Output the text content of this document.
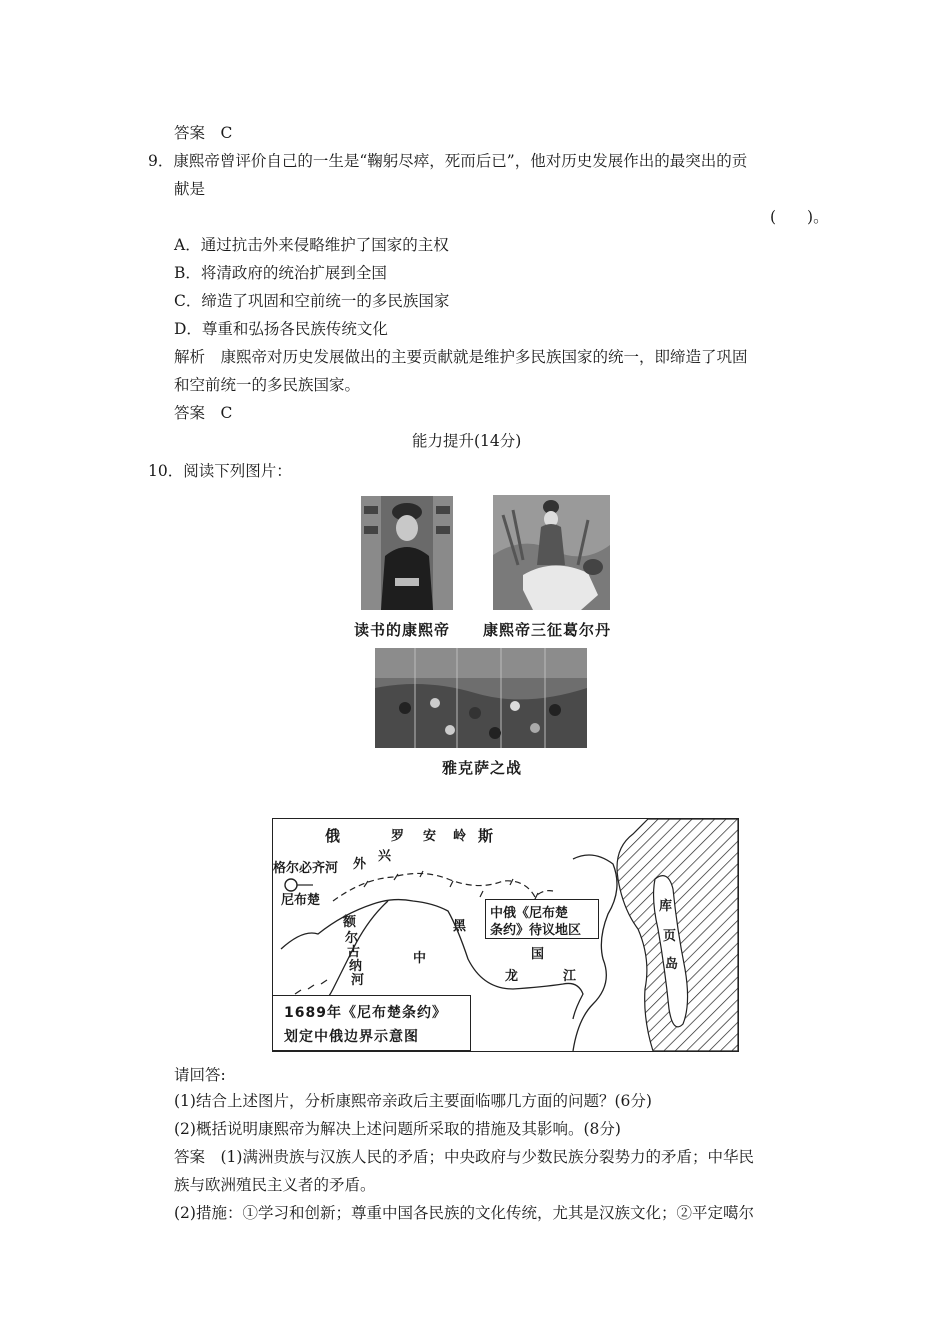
答案　C
9．康熙帝曾评价自己的一生是“鞠躬尽瘁，死而后已”，他对历史发展作出的最突出的贡
献是
(　　)。
A．通过抗击外来侵略维护了国家的主权
B．将清政府的统治扩展到全国
C．缔造了巩固和空前统一的多民族国家
D．尊重和弘扬各民族传统文化
解析　康熙帝对历史发展做出的主要贡献就是维护多民族国家的统一，即缔造了巩固
和空前统一的多民族国家。
答案　C
能力提升(14分)
10．阅读下列图片：
读书的康熙帝 康熙帝三征葛尔丹
雅克萨之战
俄	罗 安 岭 斯
外
兴
格尔必齐河
尼布楚
额
尔
古
纳
河
中
黑
国
龙	江
中俄《尼布楚
条约》待议地区
库
页
岛
1689年《尼布楚条约》
划定中俄边界示意图
请回答:
(1)结合上述图片，分析康熙帝亲政后主要面临哪几方面的问题？(6分)
(2)概括说明康熙帝为解决上述问题所采取的措施及其影响。(8分)
答案　(1)满洲贵族与汉族人民的矛盾；中央政府与少数民族分裂势力的矛盾；中华民
族与欧洲殖民主义者的矛盾。
(2)措施：①学习和创新；尊重中国各民族的文化传统，尤其是汉族文化；②平定噶尔
